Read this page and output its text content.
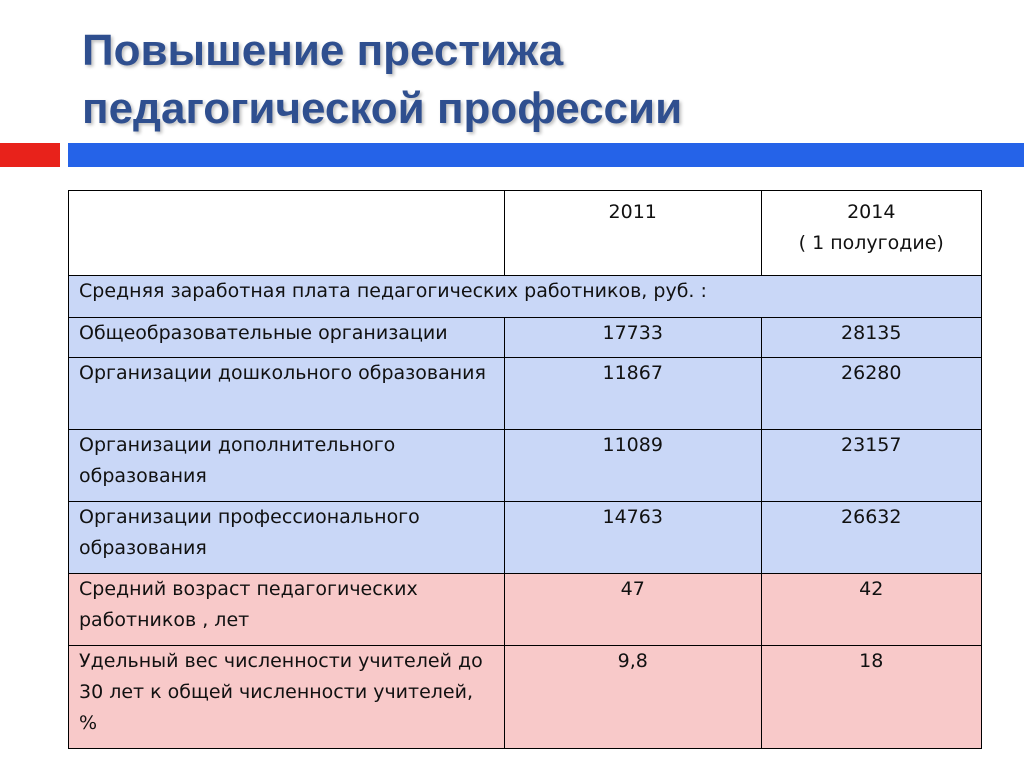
Повышение престижа
педагогической профессии
	2011	2014
( 1 полугодие)

Средняя заработная плата педагогических работников, руб. :		
Общеобразовательные организации	17733	28135
Организации дошкольного образования	11867	26280
Организации дополнительного образования	11089	23157
Организации профессионального образования	14763	26632
Средний возраст педагогических работников , лет	47	42
Удельный вес численности учителей до 30 лет к общей численности учителей, %	9,8	18
